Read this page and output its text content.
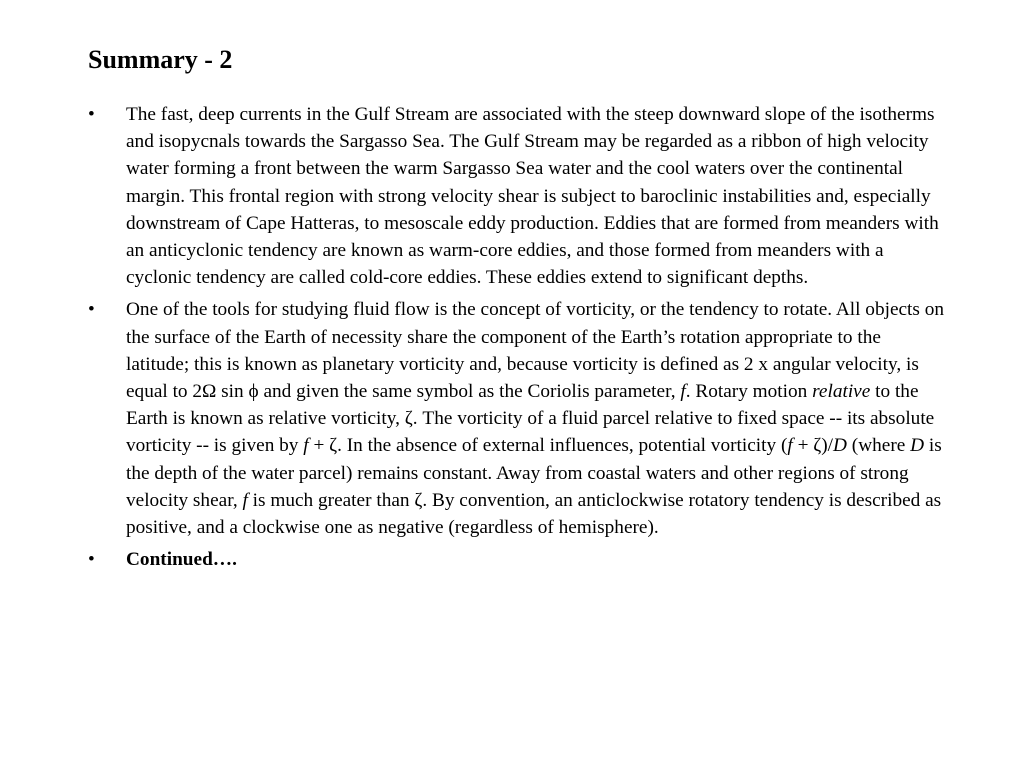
Summary - 2
•	The fast, deep currents in the Gulf Stream are associated with the steep downward slope of the isotherms and isopycnals towards the Sargasso Sea. The Gulf Stream may be regarded as a ribbon of high velocity water forming a front between the warm Sargasso Sea water and the cool waters over the continental margin. This frontal region with strong velocity shear is subject to baroclinic instabilities and, especially downstream of Cape Hatteras, to mesoscale eddy production. Eddies that are formed from meanders with an anticyclonic tendency are known as warm-core eddies, and those formed from meanders with a cyclonic tendency are called cold-core eddies. These eddies extend to significant depths.
•	One of the tools for studying fluid flow is the concept of vorticity, or the tendency to rotate. All objects on the surface of the Earth of necessity share the component of the Earth’s rotation appropriate to the latitude; this is known as planetary vorticity and, because vorticity is defined as 2 x angular velocity, is equal to 2Ω sin ϕ and given the same symbol as the Coriolis parameter, f. Rotary motion relative to the Earth is known as relative vorticity, ζ. The vorticity of a fluid parcel relative to fixed space -- its absolute vorticity -- is given by f + ζ. In the absence of external influences, potential vorticity (f + ζ)/D (where D is the depth of the water parcel) remains constant. Away from coastal waters and other regions of strong velocity shear, f is much greater than ζ. By convention, an anticlockwise rotatory tendency is described as positive, and a clockwise one as negative (regardless of hemisphere).
•	Continued….
